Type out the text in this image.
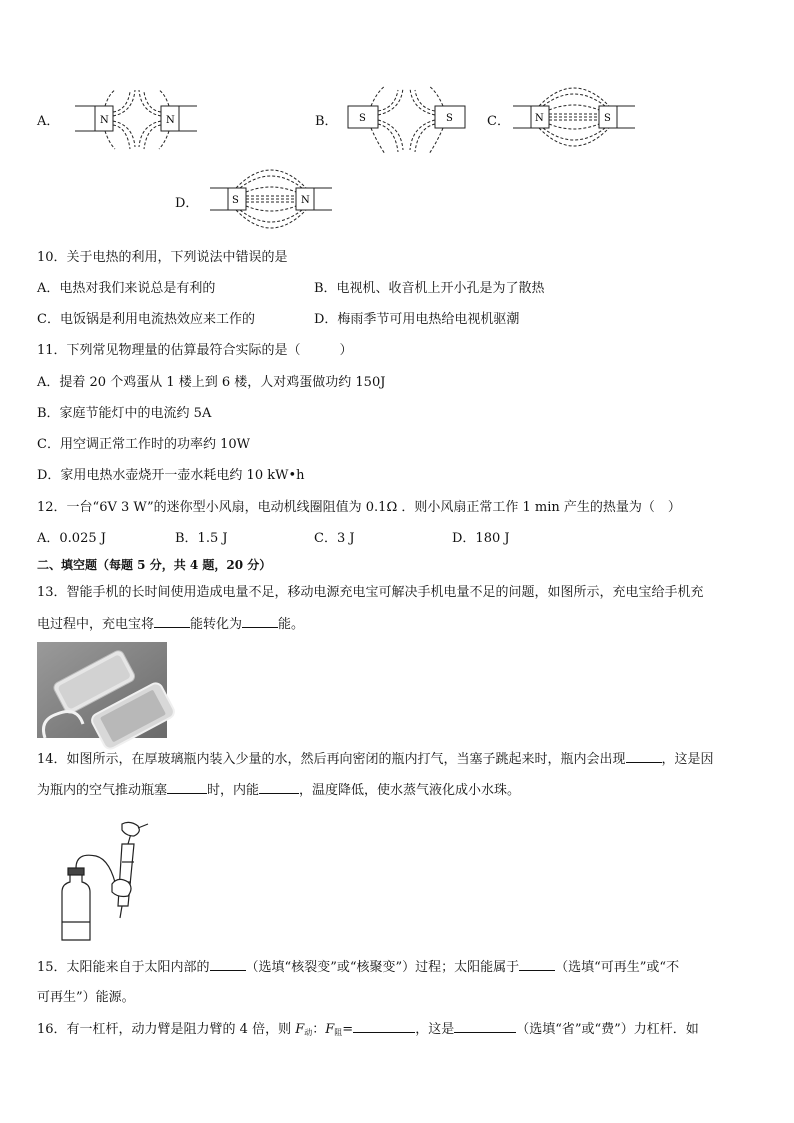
A．	N	N	B． S	S	C．	N	S
D．	S	N
10．关于电热的利用，下列说法中错误的是
A．电热对我们来说总是有利的	B．电视机、收音机上开小孔是为了散热
C．电饭锅是利用电流热效应来工作的	D．梅雨季节可用电热给电视机驱潮
11．下列常见物理量的估算最符合实际的是（　　　）
A．提着 20 个鸡蛋从 1 楼上到 6 楼，人对鸡蛋做功约 150J
B．家庭节能灯中的电流约 5A
C．用空调正常工作时的功率约 10W
D．家用电热水壶烧开一壶水耗电约 10 kW•h
12．一台“6V 3 W”的迷你型小风扇，电动机线圈阻值为 0.1Ω ．则小风扇正常工作 1 min 产生的热量为（　）
A．0.025 J	B．1.5 J	C．3 J	D．180 J
二、填空题（每题 5 分，共 4 题，20 分）
13．智能手机的长时间使用造成电量不足，移动电源充电宝可解决手机电量不足的问题，如图所示，充电宝给手机充
电过程中，充电宝将	能转化为	能。
14．如图所示，在厚玻璃瓶内装入少量的水，然后再向密闭的瓶内打气，当塞子跳起来时，瓶内会出现	，这是因
为瓶内的空气推动瓶塞	时，内能	，温度降低，使水蒸气液化成小水珠。
15．太阳能来自于太阳内部的	（选填“核裂变”或“核聚变”）过程；太阳能属于	（选填“可再生”或“不
可再生”）能源。
16．有一杠杆，动力臂是阻力臂的 4 倍，则 $F_动$：$F_阻=$	，这是	（选填“省”或“费”）力杠杆．如
